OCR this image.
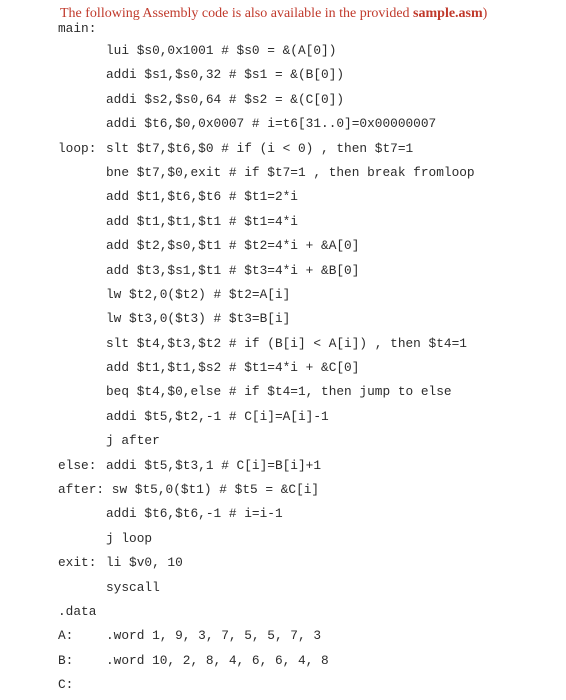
The following Assembly code is also available in the provided sample.asm)
main:
lui $s0,0x1001 # $s0 = &(A[0])
addi $s1,$s0,32 # $s1 = &(B[0])
addi $s2,$s0,64 # $s2 = &(C[0])
addi $t6,$0,0x0007 # i=t6[31..0]=0x00000007
loop: slt $t7,$t6,$0 # if (i < 0) , then $t7=1
bne $t7,$0,exit # if $t7=1 , then break fromloop
add $t1,$t6,$t6 # $t1=2*i
add $t1,$t1,$t1 # $t1=4*i
add $t2,$s0,$t1 # $t2=4*i + &A[0]
add $t3,$s1,$t1 # $t3=4*i + &B[0]
lw $t2,0($t2) # $t2=A[i]
lw $t3,0($t3) # $t3=B[i]
slt $t4,$t3,$t2 # if (B[i] < A[i]) , then $t4=1
add $t1,$t1,$s2 # $t1=4*i + &C[0]
beq $t4,$0,else # if $t4=1, then jump to else
addi $t5,$t2,-1 # C[i]=A[i]-1
j after
else: addi $t5,$t3,1 # C[i]=B[i]+1
after: sw $t5,0($t1) # $t5 = &C[i]
addi $t6,$t6,-1 # i=i-1
j loop
exit: li $v0, 10
syscall
.data
A:	.word 1, 9, 3, 7, 5, 5, 7, 3
B:	.word 10, 2, 8, 4, 6, 6, 4, 8
C:
